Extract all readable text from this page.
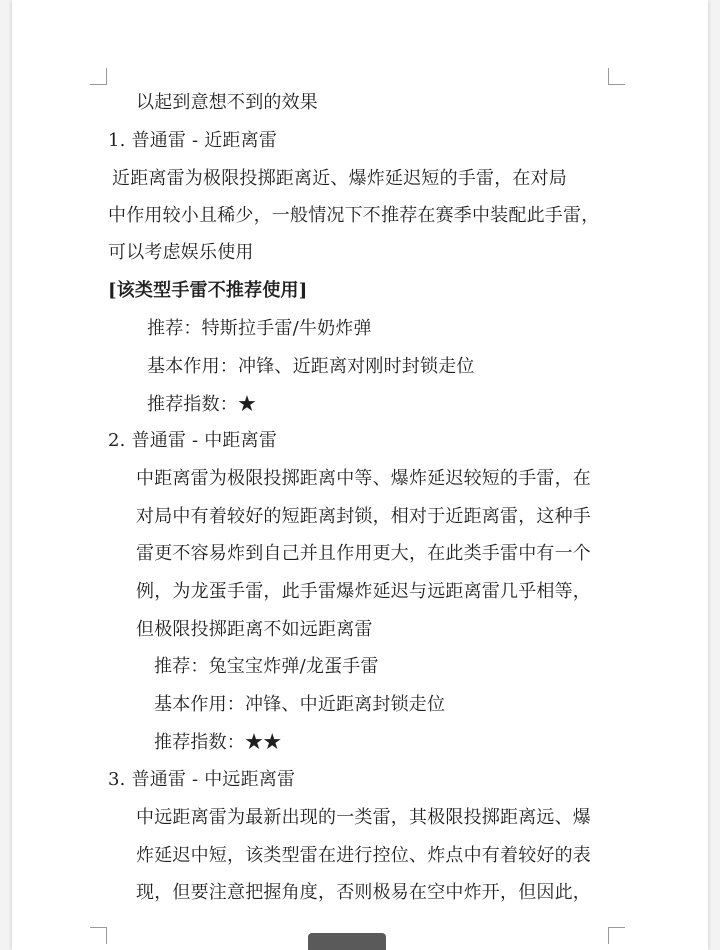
以起到意想不到的效果
1. 普通雷 - 近距离雷
近距离雷为极限投掷距离近、爆炸延迟短的手雷，在对局
中作用较小且稀少，一般情况下不推荐在赛季中装配此手雷，
可以考虑娱乐使用
[该类型手雷不推荐使用]
推荐：特斯拉手雷/牛奶炸弹
基本作用：冲锋、近距离对刚时封锁走位
推荐指数：★
2. 普通雷 - 中距离雷
中距离雷为极限投掷距离中等、爆炸延迟较短的手雷，在
对局中有着较好的短距离封锁，相对于近距离雷，这种手
雷更不容易炸到自己并且作用更大，在此类手雷中有一个
例，为龙蛋手雷，此手雷爆炸延迟与远距离雷几乎相等，
但极限投掷距离不如远距离雷
推荐：兔宝宝炸弹/龙蛋手雷
基本作用：冲锋、中近距离封锁走位
推荐指数：★★
3. 普通雷 - 中远距离雷
中远距离雷为最新出现的一类雷，其极限投掷距离远、爆
炸延迟中短，该类型雷在进行控位、炸点中有着较好的表
现，但要注意把握角度，否则极易在空中炸开，但因此，
